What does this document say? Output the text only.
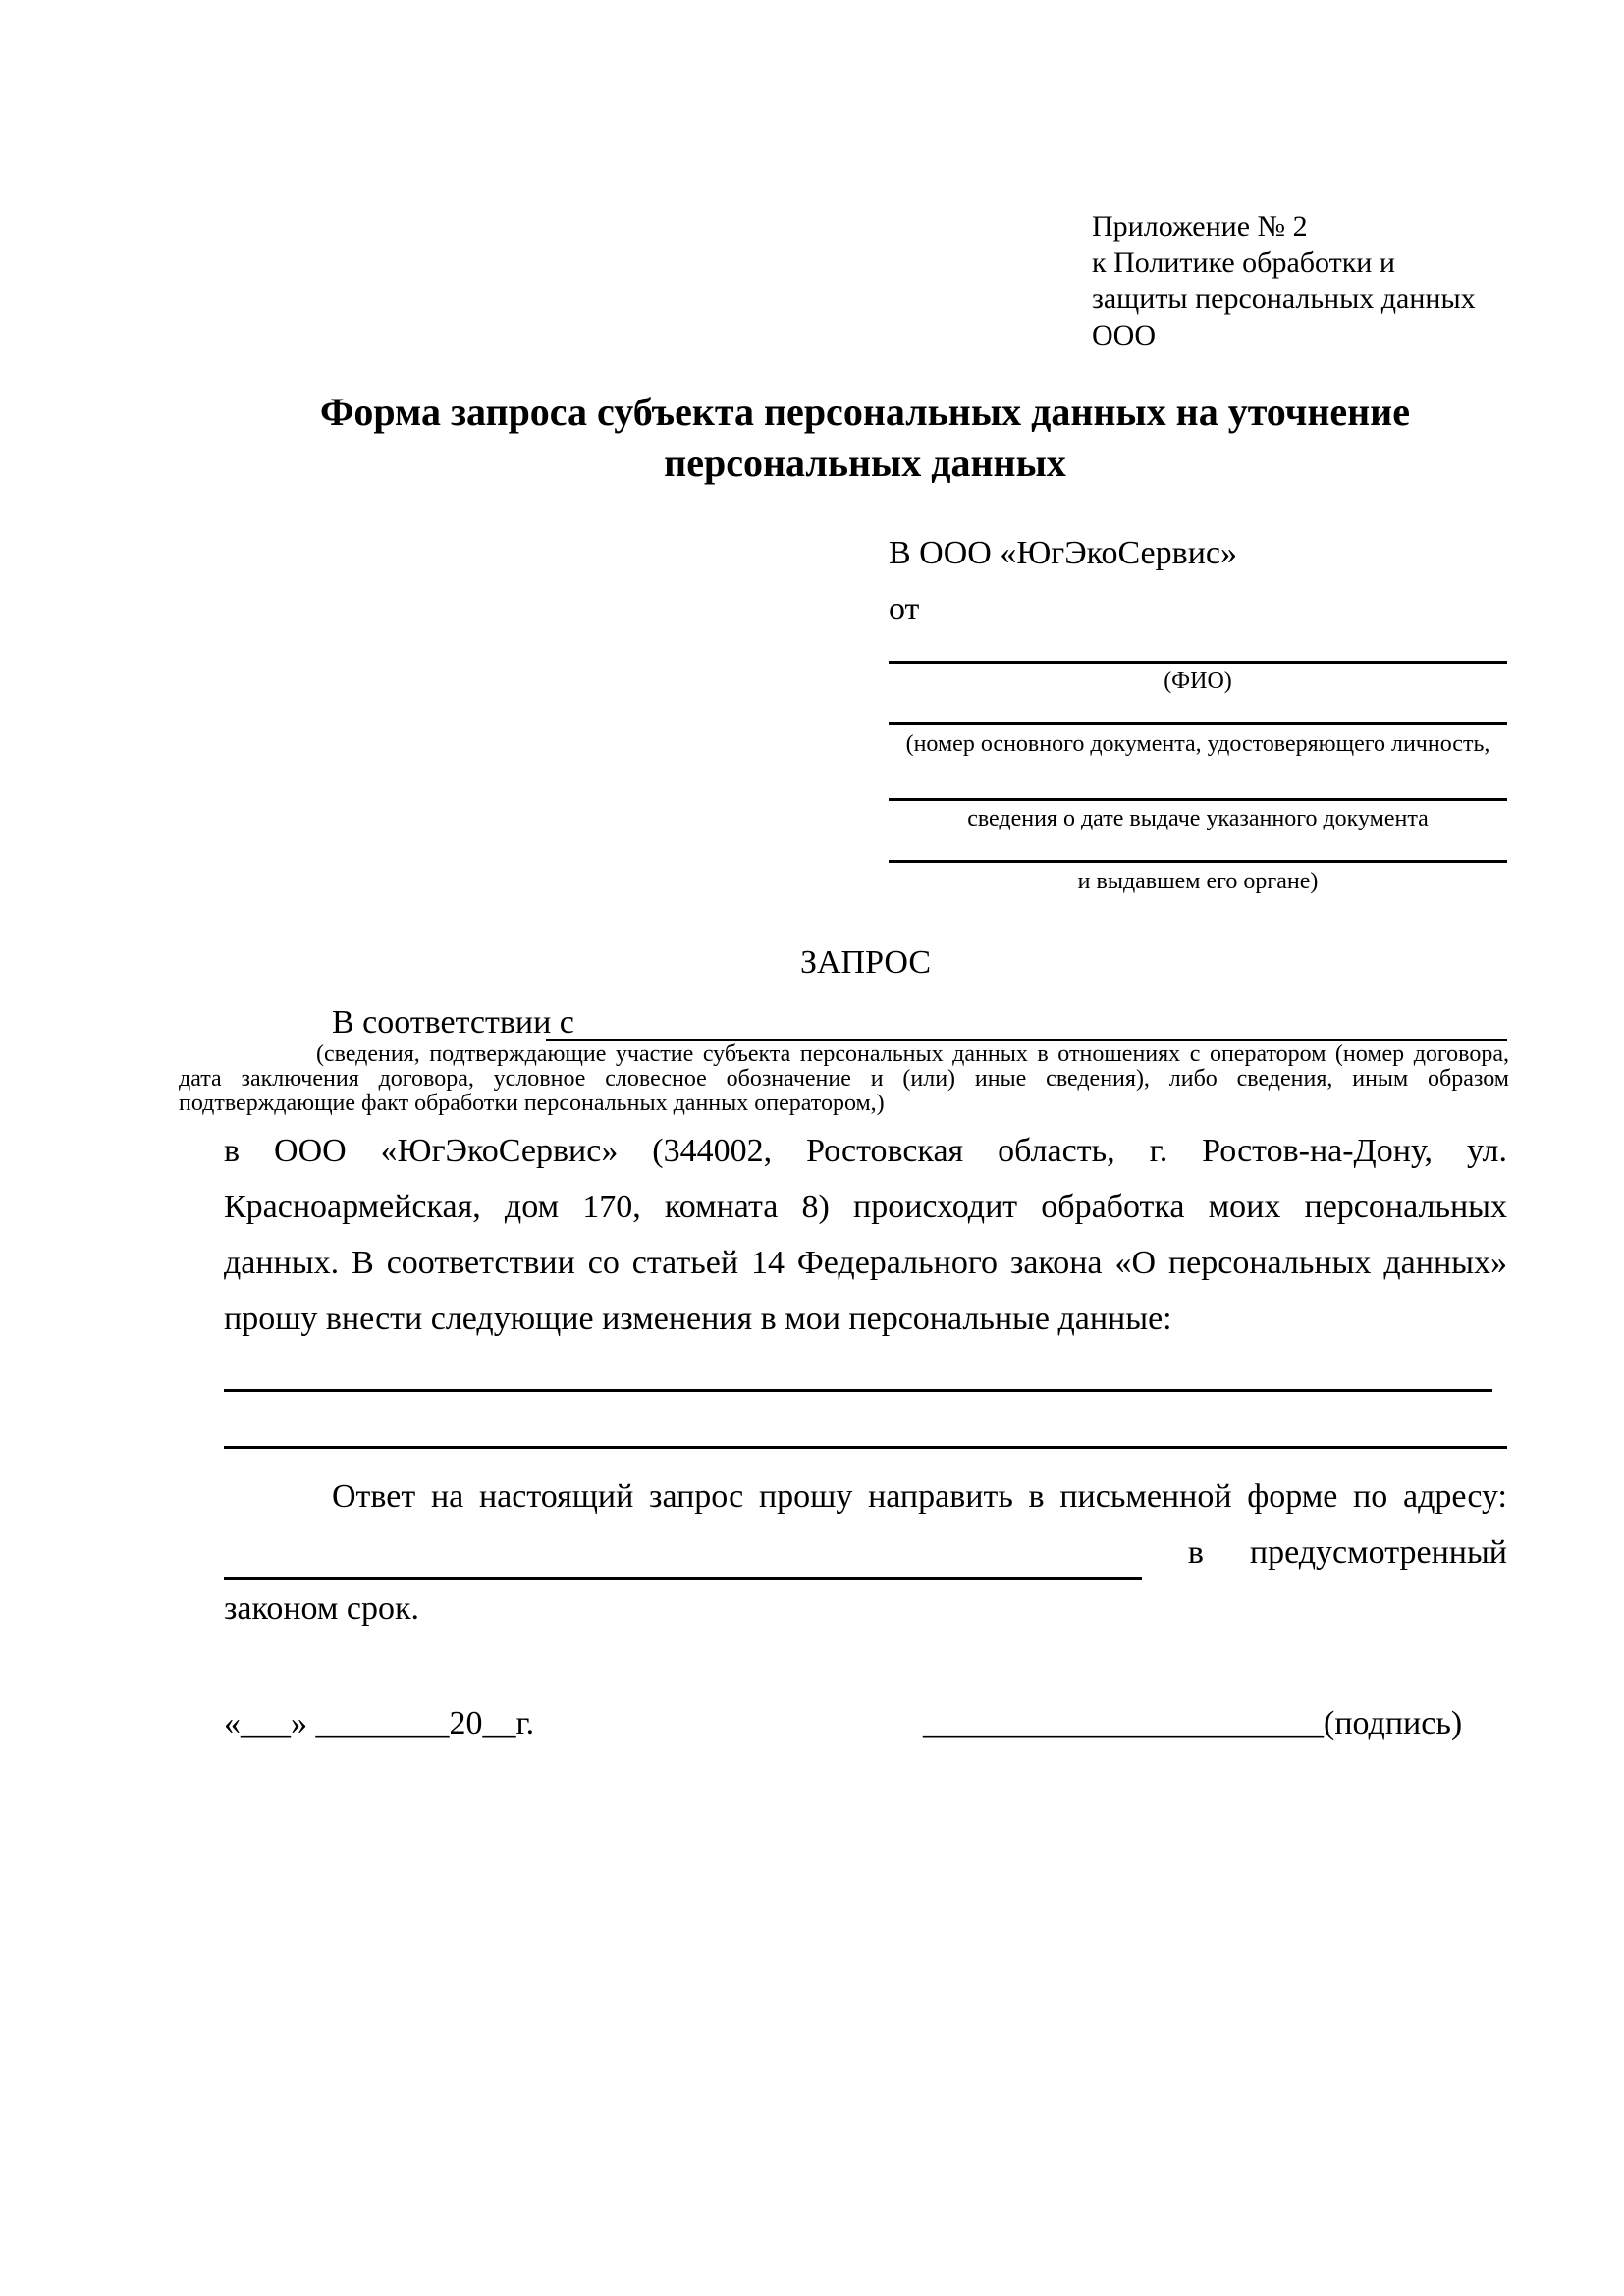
Приложение № 2
к Политике обработки и
защиты персональных данных
ООО
Форма запроса субъекта персональных данных на уточнение персональных данных
В ООО «ЮгЭкоСервис»
от
(ФИО)
(номер основного документа, удостоверяющего личность,
сведения о дате выдаче указанного документа
и выдавшем его органе)
ЗАПРОС
В соответствии с
(сведения, подтверждающие участие субъекта персональных данных в отношениях с оператором (номер договора, дата заключения договора, условное словесное обозначение и (или) иные сведения), либо сведения, иным образом подтверждающие факт обработки персональных данных оператором,)
в ООО «ЮгЭкоСервис» (344002, Ростовская область, г. Ростов-на-Дону, ул. Красноармейская, дом 170, комната 8) происходит обработка моих персональных данных. В соответствии со статьей 14 Федерального закона «О персональных данных» прошу внести следующие изменения в мои персональные данные:
Ответ на настоящий запрос прошу направить в письменной форме по адресу:
в предусмотренный
законом срок.
«___» ________20__г.	________________________(подпись)
